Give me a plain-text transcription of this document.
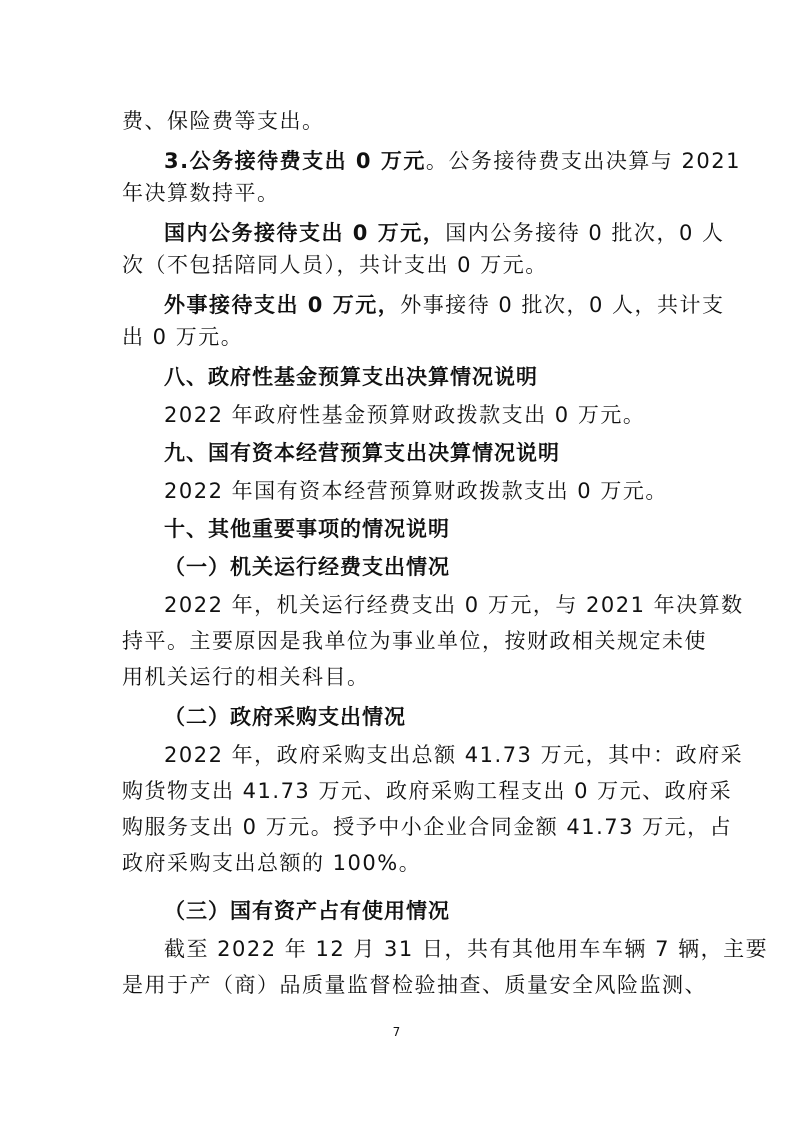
费、保险费等支出。
3.公务接待费支出 0 万元。公务接待费支出决算与 2021
年决算数持平。
国内公务接待支出 0 万元，国内公务接待 0 批次，0 人
次（不包括陪同人员），共计支出 0 万元。
外事接待支出 0 万元，外事接待 0 批次，0 人，共计支
出 0 万元。
八、政府性基金预算支出决算情况说明
2022 年政府性基金预算财政拨款支出 0 万元。
九、国有资本经营预算支出决算情况说明
2022 年国有资本经营预算财政拨款支出 0 万元。
十、其他重要事项的情况说明
（一）机关运行经费支出情况
2022 年，机关运行经费支出 0 万元，与 2021 年决算数
持平。主要原因是我单位为事业单位，按财政相关规定未使
用机关运行的相关科目。
（二）政府采购支出情况
2022 年，政府采购支出总额 41.73 万元，其中：政府采
购货物支出 41.73 万元、政府采购工程支出 0 万元、政府采
购服务支出 0 万元。授予中小企业合同金额 41.73 万元，占
政府采购支出总额的 100%。
（三）国有资产占有使用情况
截至 2022 年 12 月 31 日，共有其他用车车辆 7 辆，主要
是用于产（商）品质量监督检验抽查、质量安全风险监测、
7
